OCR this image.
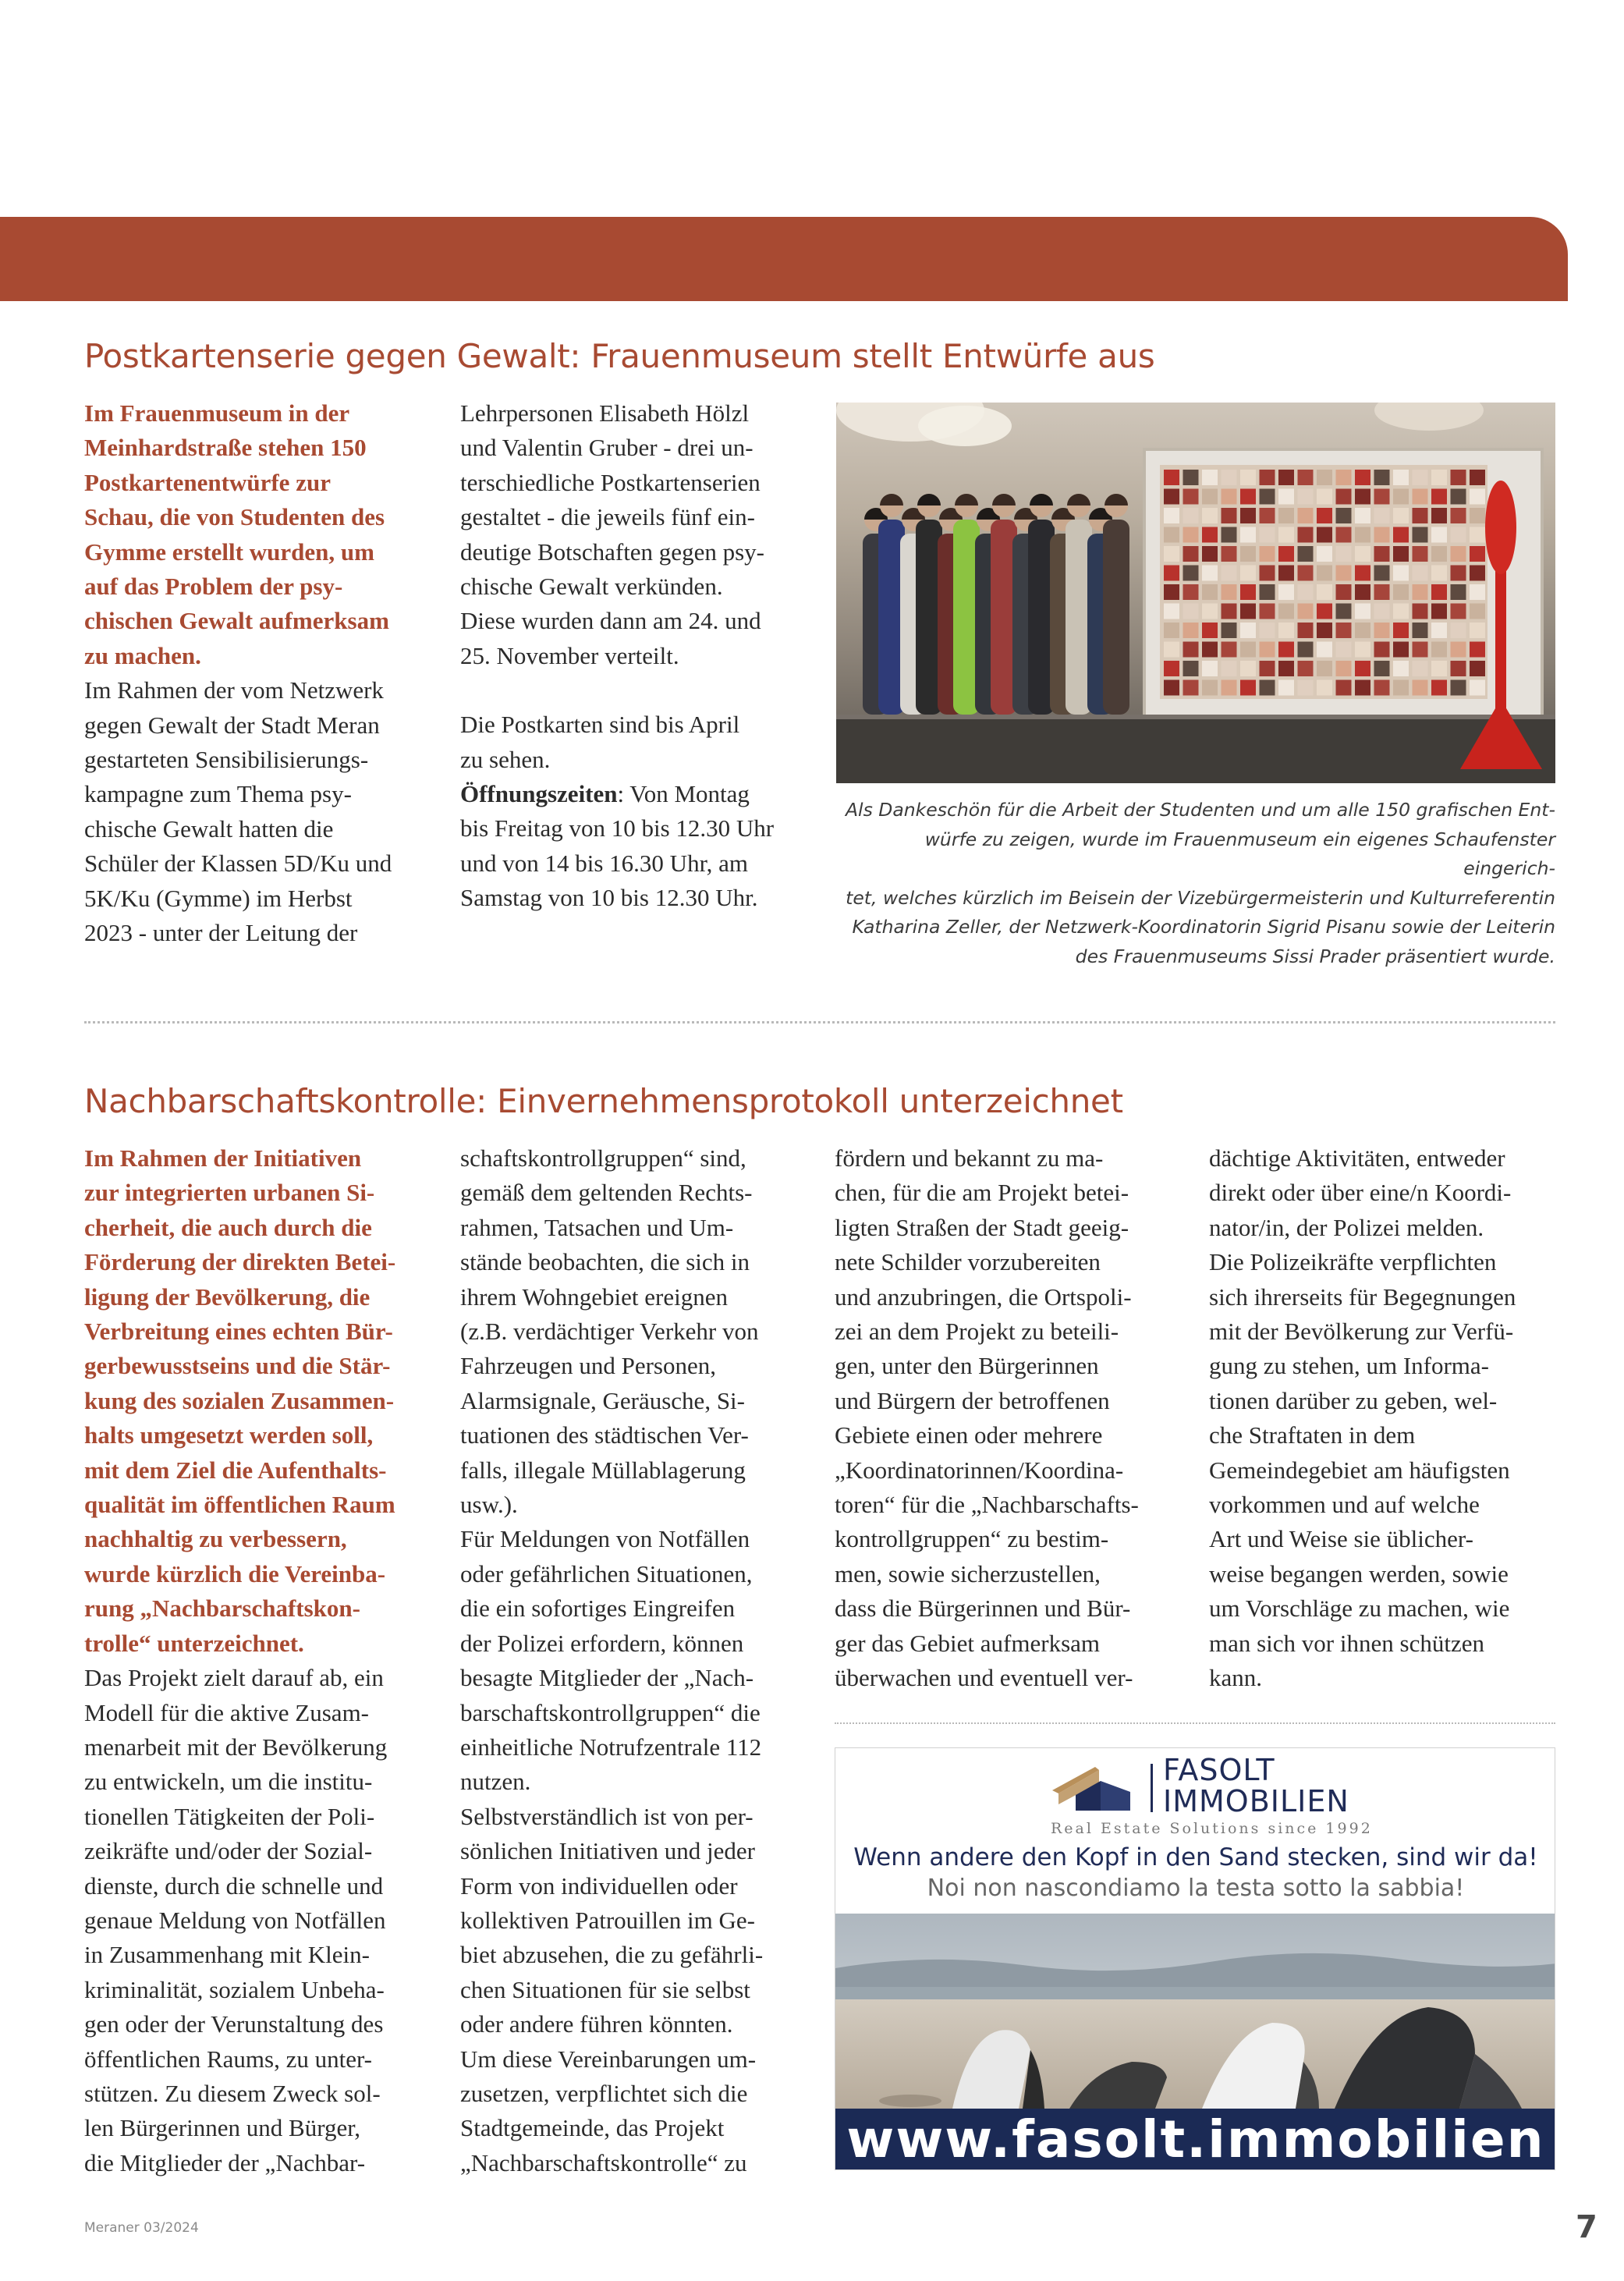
Postkartenserie gegen Gewalt: Frauenmuseum stellt Entwürfe aus

Im Frauenmuseum in der

Meinhardstraße stehen 150

Postkartenentwürfe zur

Schau, die von Studenten des

Gymme erstellt wurden, um

auf das Problem der psy-

chischen Gewalt aufmerksam

zu machen.

Im Rahmen der vom Netzwerk

gegen Gewalt der Stadt Meran

gestarteten Sensibilisierungs-

kampagne zum Thema psy-

chische Gewalt hatten die

Schüler der Klassen 5D/Ku und

5K/Ku (Gymme) im Herbst

2023 - unter der Leitung der

Lehrpersonen Elisabeth Hölzl

und Valentin Gruber - drei un-

terschiedliche Postkartenserien

gestaltet - die jeweils fünf ein-

deutige Botschaften gegen psy-

chische Gewalt verkünden.

Diese wurden dann am 24. und

25. November verteilt.

Die Postkarten sind bis April

zu sehen.

Öffnungszeiten: Von Montag

bis Freitag von 10 bis 12.30 Uhr

und von 14 bis 16.30 Uhr, am

Samstag von 10 bis 12.30 Uhr.

Als Dankeschön für die Arbeit der Studenten und um alle 150 grafischen Ent-
würfe zu zeigen, wurde im Frauenmuseum ein eigenes Schaufenster eingerich-
tet, welches kürzlich im Beisein der Vizebürgermeisterin und Kulturreferentin
Katharina Zeller, der Netzwerk-Koordinatorin Sigrid Pisanu sowie der Leiterin
des Frauenmuseums Sissi Prader präsentiert wurde.
Nachbarschaftskontrolle: Einvernehmensprotokoll unterzeichnet

Im Rahmen der Initiativen

zur integrierten urbanen Si-

cherheit, die auch durch die

Förderung der direkten Betei-

ligung der Bevölkerung, die

Verbreitung eines echten Bür-

gerbewusstseins und die Stär-

kung des sozialen Zusammen-

halts umgesetzt werden soll,

mit dem Ziel die Aufenthalts-

qualität im öffentlichen Raum

nachhaltig zu verbessern,

wurde kürzlich die Vereinba-

rung „Nachbarschaftskon-

trolle“ unterzeichnet.

Das Projekt zielt darauf ab, ein

Modell für die aktive Zusam-

menarbeit mit der Bevölkerung

zu entwickeln, um die institu-

tionellen Tätigkeiten der Poli-

zeikräfte und/oder der Sozial-

dienste, durch die schnelle und

genaue Meldung von Notfällen

in Zusammenhang mit Klein-

kriminalität, sozialem Unbeha-

gen oder der Verunstaltung des

öffentlichen Raums, zu unter-

stützen. Zu diesem Zweck sol-

len Bürgerinnen und Bürger,

die Mitglieder der „Nachbar-

schaftskontrollgruppen“ sind,

gemäß dem geltenden Rechts-

rahmen, Tatsachen und Um-

stände beobachten, die sich in

ihrem Wohngebiet ereignen

(z.B. verdächtiger Verkehr von

Fahrzeugen und Personen,

Alarmsignale, Geräusche, Si-

tuationen des städtischen Ver-

falls, illegale Müllablagerung

usw.).

Für Meldungen von Notfällen

oder gefährlichen Situationen,

die ein sofortiges Eingreifen

der Polizei erfordern, können

besagte Mitglieder der „Nach-

barschaftskontrollgruppen“ die

einheitliche Notrufzentrale 112

nutzen.

Selbstverständlich ist von per-

sönlichen Initiativen und jeder

Form von individuellen oder

kollektiven Patrouillen im Ge-

biet abzusehen, die zu gefährli-

chen Situationen für sie selbst

oder andere führen könnten.

Um diese Vereinbarungen um-

zusetzen, verpflichtet sich die

Stadtgemeinde, das Projekt

„Nachbarschaftskontrolle“ zu

fördern und bekannt zu ma-

chen, für die am Projekt betei-

ligten Straßen der Stadt geeig-

nete Schilder vorzubereiten

und anzubringen, die Ortspoli-

zei an dem Projekt zu beteili-

gen, unter den Bürgerinnen

und Bürgern der betroffenen

Gebiete einen oder mehrere

„Koordinatorinnen/Koordina-

toren“ für die „Nachbarschafts-

kontrollgruppen“ zu bestim-

men, sowie sicherzustellen,

dass die Bürgerinnen und Bür-

ger das Gebiet aufmerksam

überwachen und eventuell ver-

dächtige Aktivitäten, entweder

direkt oder über eine/n Koordi-

nator/in, der Polizei melden.

Die Polizeikräfte verpflichten

sich ihrerseits für Begegnungen

mit der Bevölkerung zur Verfü-

gung zu stehen, um Informa-

tionen darüber zu geben, wel-

che Straftaten in dem

Gemeindegebiet am häufigsten

vorkommen und auf welche

Art und Weise sie üblicher-

weise begangen werden, sowie

um Vorschläge zu machen, wie

man sich vor ihnen schützen

kann.

FASOLT
IMMOBILIEN
Real Estate Solutions since 1992
Wenn andere den Kopf in den Sand stecken, sind wir da!
Noi non nascondiamo la testa sotto la sabbia!
www.fasolt.immobilien
Meraner 03/2024	7
